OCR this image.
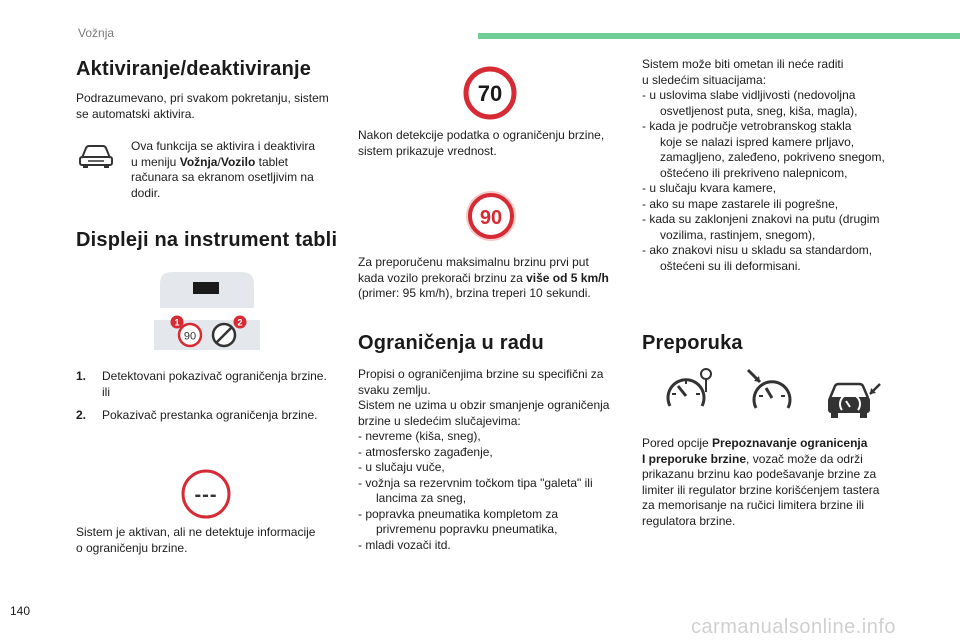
Vožnja
Aktiviranje/deaktiviranje
Podrazumevano, pri svakom pokretanju, sistem
se automatski aktivira.
Ova funkcija se aktivira i deaktivira
u meniju Vožnja/Vozilo tablet
računara sa ekranom osetljivim na
dodir.
Displeji na instrument tabli
90
1	2
1.	Detektovani pokazivač ograničenja brzine.
ili
2.	Pokazivač prestanka ograničenja brzine.
---
Sistem je aktivan, ali ne detektuje informacije
o ograničenju brzine.
70
Nakon detekcije podatka o ograničenju brzine,
sistem prikazuje vrednost.
90
Za preporučenu maksimalnu brzinu prvi put
kada vozilo prekorači brzinu za više od 5 km/h
(primer: 95 km/h), brzina treperi 10 sekundi.
Ograničenja u radu
Propisi o ograničenjima brzine su specifični za
svaku zemlju.
Sistem ne uzima u obzir smanjenje ograničenja
brzine u sledećim slučajevima:
- nevreme (kiša, sneg),
- atmosfersko zagađenje,
- u slučaju vuče,
- vožnja sa rezervnim točkom tipa "galeta" ili
lancima za sneg,
- popravka pneumatika kompletom za
privremenu popravku pneumatika,
- mladi vozači itd.
Sistem može biti ometan ili neće raditi
u sledećim situacijama:
- u uslovima slabe vidljivosti (nedovoljna
osvetljenost puta, sneg, kiša, magla),
- kada je područje vetrobranskog stakla
koje se nalazi ispred kamere prljavo,
zamagljeno, zaleđeno, pokriveno snegom,
oštećeno ili prekriveno nalepnicom,
- u slučaju kvara kamere,
- ako su mape zastarele ili pogrešne,
- kada su zaklonjeni znakovi na putu (drugim
vozilima, rastinjem, snegom),
- ako znakovi nisu u skladu sa standardom,
oštećeni su ili deformisani.
Preporuka
Pored opcije Prepoznavanje ogranicenja
I preporuke brzine, vozač može da održi
prikazanu brzinu kao podešavanje brzine za
limiter ili regulator brzine korišćenjem tastera
za memorisanje na ručici limitera brzine ili
regulatora brzine.
140
carmanualsonline.info
